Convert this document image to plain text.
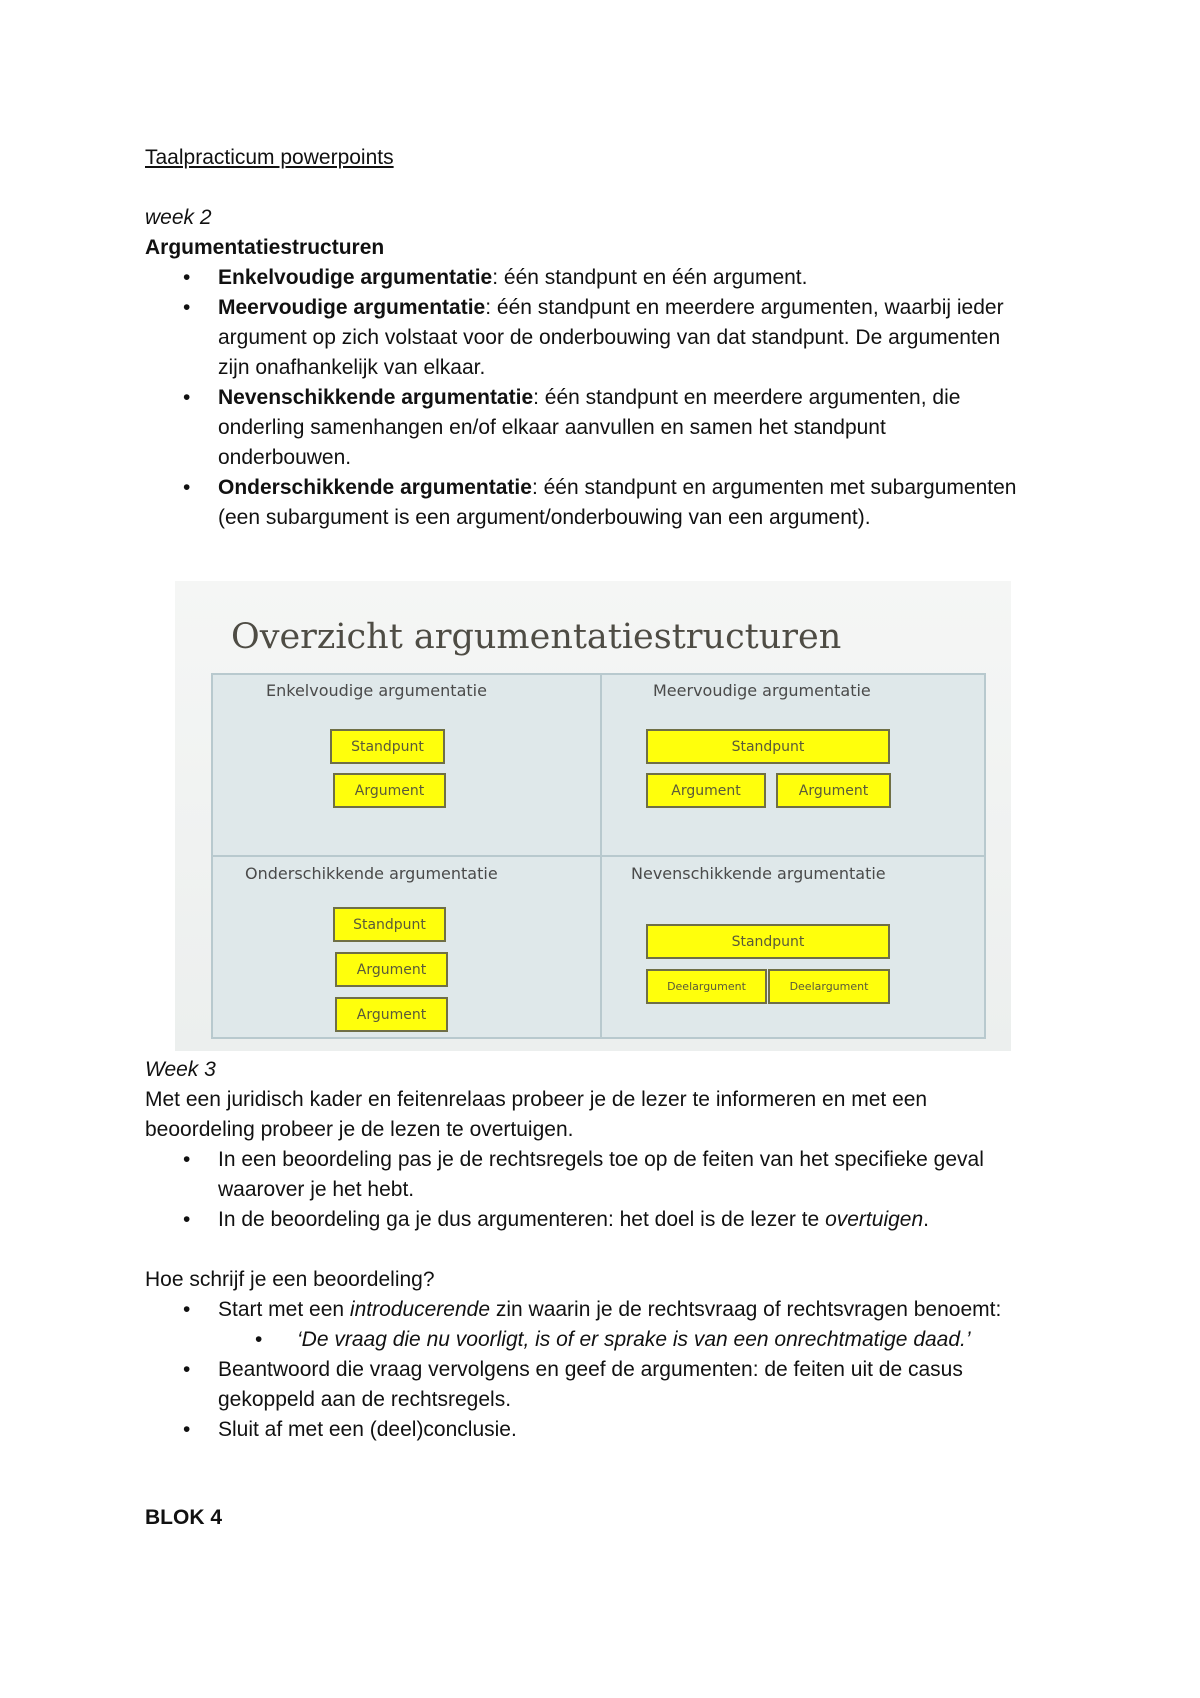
Taalpracticum powerpoints
week 2
Argumentatiestructuren
• Enkelvoudige argumentatie: één standpunt en één argument.
• Meervoudige argumentatie: één standpunt en meerdere argumenten, waarbij ieder
argument op zich volstaat voor de onderbouwing van dat standpunt. De argumenten
zijn onafhankelijk van elkaar.
• Nevenschikkende argumentatie: één standpunt en meerdere argumenten, die
onderling samenhangen en/of elkaar aanvullen en samen het standpunt
onderbouwen.
• Onderschikkende argumentatie: één standpunt en argumenten met subargumenten
(een subargument is een argument/onderbouwing van een argument).
Overzicht argumentatiestructuren
Enkelvoudige argumentatie
Standpunt
Argument
Meervoudige argumentatie
Standpunt
Argument	Argument
Onderschikkende argumentatie
Standpunt
Argument
Argument
Nevenschikkende argumentatie
Standpunt
Deelargument	Deelargument
Week 3
Met een juridisch kader en feitenrelaas probeer je de lezer te informeren en met een
beoordeling probeer je de lezen te overtuigen.
• In een beoordeling pas je de rechtsregels toe op de feiten van het specifieke geval
waarover je het hebt.
• In de beoordeling ga je dus argumenteren: het doel is de lezer te overtuigen.
Hoe schrijf je een beoordeling?
• Start met een introducerende zin waarin je de rechtsvraag of rechtsvragen benoemt:
• ‘De vraag die nu voorligt, is of er sprake is van een onrechtmatige daad.’
• Beantwoord die vraag vervolgens en geef de argumenten: de feiten uit de casus
gekoppeld aan de rechtsregels.
• Sluit af met een (deel)conclusie.
BLOK 4
